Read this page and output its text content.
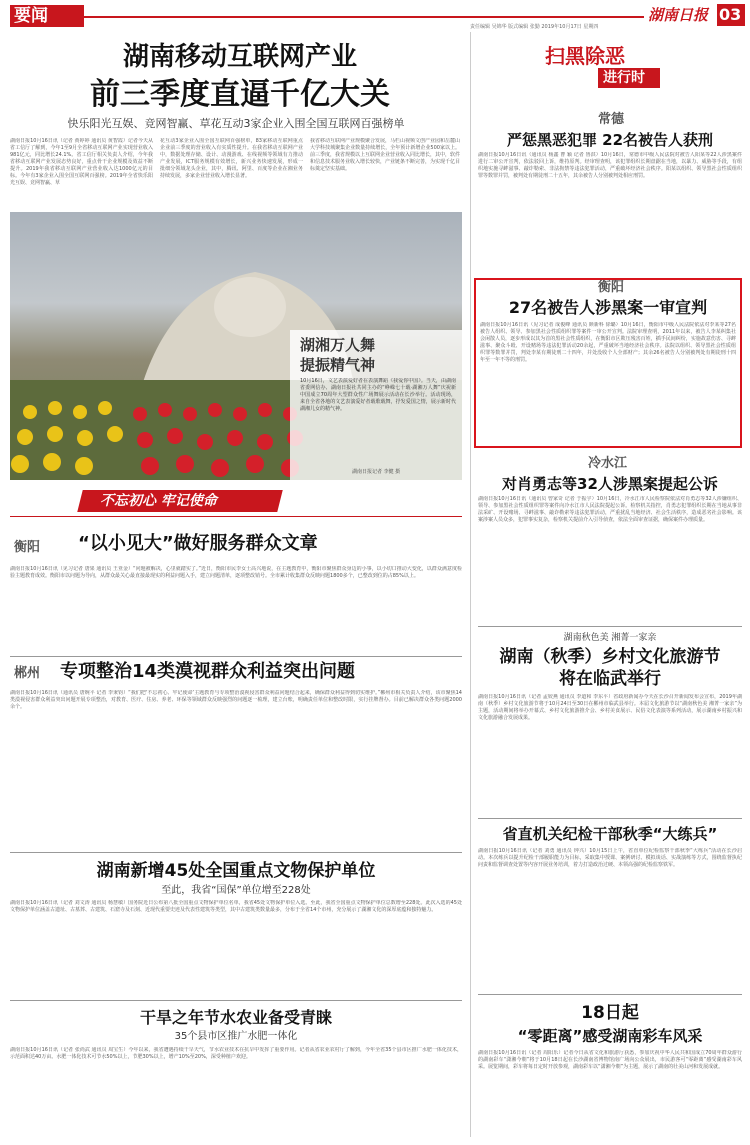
要闻	湖南日报 03
责任编辑 吴锦华 版式编辑 张勤 2019年10月17日 星期四
湖南移动互联网产业
前三季度直逼千亿大关
快乐阳光互娱、竞网智赢、草花互动3家企业入围全国互联网百强榜单
湖南日报10月16日讯（记者 黄婷婷 通讯员 黄智霞）记者今天从省工信厅了解到，今年1至9月全省移动互联网产业实现营业收入981亿元，同比增长24.1%。省工信厅相关负责人介绍，今年我省移动互联网产业发展态势良好，重点骨干企业规模及效益不断提升。2019年我省移动互联网产业营业收入达1000亿元的目标。今年有3家企业入围全国互联网百强榜。2019年全省快乐阳光互娱、竞网智赢、草
花互动3家企业入围全国互联网百强榜单，83家移动互联网重点企业前三季度的营业收入有实质性提升。在我省移动互联网产业中，数据处理存储、设计、动漫游戏、在线视频等领域有力推动产业发展，ICT服务规模有效增长，新兴业务快速发展，形成一批细分领域龙头企业，其中，腾讯、阿里、百度等企业在湘业务持续发展，多家企业营业收入增长显著。
我省移动互联网产业规模聚合发展，马栏山视频文创产业园和岳麓山大学科技城聚集企业数量持续增长，全年预计新增企业500家以上。前三季度，我省规模以上互联网企业营业收入同比增长，其中，软件和信息技术服务业收入增长较快，产业链条不断完善，为实现千亿目标奠定坚实基础。
湖湘万人舞
提振精气神
10月16日，文艺表演爱好者在表演舞蹈《我爱你中国》。当天，由湖南省委网信办、湖南日报社共同主办的“峥嵘七十载·湖湘万人舞”庆祝新中国成立70周年大型群众性广场舞展示活动在长沙举行。活动现场，来自全省各地的文艺表演爱好者载歌载舞，抒发爱国之情，展示新时代湖湘儿女的精气神。
湖南日报记者 李健 摄
不忘初心 牢记使命
衡阳 “以小见大”做好服务群众文章
湖南日报10月16日讯（见习记者 唐果 通讯员 王亚金）“问题被解决，心里就踏实了。”近日，衡阳市民李女士高兴地说，在主题教育中，衡阳市聚焦群众身边的小事，以小切口推动大变化，以群众满意度检验主题教育成效。衡阳市以问题为导向，从群众最关心最直接最现实的利益问题入手，建立问题清单，逐项整改销号。全市累计收集群众反映问题1800多个，已整改到位的占85%以上。
郴州 专项整治14类漠视群众利益突出问题
湖南日报10月16日讯（通讯员 唐婉平 记者 李秉钧）“我们把‘不忘初心、牢记使命’主题教育与专项整治漠视侵害群众利益问题结合起来，确保群众利益得到切实维护。”郴州市相关负责人介绍，该市聚焦14类漠视侵害群众利益突出问题开展专项整治，对教育、医疗、住房、养老、环保等领域群众反映强烈的问题逐一梳理，建立台账，明确责任单位和整改时限，实行挂牌督办。目前已解决群众各类问题2000余个。
湖南新增45处全国重点文物保护单位
至此，我省“国保”单位增至228处
湖南日报10月16日讯（记者 刘文涛 通讯员 杨慧敏）国务院近日公布第八批全国重点文物保护单位名单，我省45处文物保护单位入选。至此，我省全国重点文物保护单位总数增至228处。此次入选的45处文物保护单位涵盖古遗址、古墓葬、古建筑、石窟寺及石刻、近现代重要史迹及代表性建筑等类型，其中古建筑类数量最多，分布于全省14个市州，充分展示了湖湘文化的深厚底蕴和独特魅力。
干旱之年节水农业备受青睐
35个县市区推广水肥一体化
湖南日报10月16日讯（记者 张尚武 通讯员 周宝生）今年以来，我省遭遇持续干旱天气，节水农业技术在抗旱中发挥了重要作用。记者从省农业农村厅了解到，今年全省35个县市区推广水肥一体化技术，示范面积达40万亩。水肥一体化技术可节水50%以上，节肥30%以上，增产10%至20%，深受种植户欢迎。
扫黑除恶
进行时
常德
严惩黑恶犯罪 22名被告人获刑
湖南日报10月16日讯（通讯员 杨鑫 曹 颖 记者 鲁淇）10月16日，常德市中级人民法院对被告人阳某等22人涉黑案件进行二审公开宣判，依法驳回上诉，维持原判。经审理查明，该犯罪组织长期盘踞在当地，以暴力、威胁等手段，有组织地实施寻衅滋事、敲诈勒索、非法拘禁等违法犯罪活动，严重破坏经济社会秩序。阳某以组织、领导黑社会性质组织罪等数罪并罚，被判处有期徒刑二十五年，其余被告人分别被判处相应刑罚。
衡阳
27名被告人涉黑案一审宣判
湖南日报10月16日讯（见习记者 成俊峰 通讯员 颜新科 徐璐）10月16日，衡阳市中级人民法院依法对李某等27名被告人组织、领导、参加黑社会性质组织罪等案件一审公开宣判。法院审理查明，2011年以来，被告人李某纠集社会闲散人员，逐步形成以其为首的黑社会性质组织，在衡阳市区欺压残害百姓，插手民间纠纷，实施故意伤害、寻衅滋事、聚众斗殴、开设赌场等违法犯罪活动20余起，严重破坏当地经济社会秩序。法院以组织、领导黑社会性质组织罪等数罪并罚，判处李某有期徒刑二十四年，并处没收个人全部财产；其余26名被告人分别被判处有期徒刑十四年至一年不等的刑罚。
冷水江
对肖勇志等32人涉黑案提起公诉
湖南日报10月16日讯（通讯员 曾家奇 记者 于振宇）10月16日，冷水江市人民检察院依法对肖勇志等32人涉嫌组织、领导、参加黑社会性质组织罪等案件向冷水江市人民法院提起公诉。检察机关指控，肖勇志犯罪组织长期在当地从事非法采矿、开设赌场、寻衅滋事、敲诈勒索等违法犯罪活动，严重扰乱当地经济、社会生活秩序，造成恶劣社会影响。该案涉案人员众多，犯罪事实复杂，检察机关提前介入引导侦查，依法全面审查证据，确保案件办理质量。
湖南秋色美 湘菁一家亲
湖南（秋季）乡村文化旅游节
将在临武举行
湖南日报10月16日讯（记者 孟姣燕 通讯员 李道和 李东平）省政府新闻办今天在长沙召开新闻发布会宣布，2019年湖南（秋季）乡村文化旅游节将于10月24日至30日在郴州市临武县举行。本届文化旅游节以“湖南秋色美 湘菁一家亲”为主题，活动期间将举办开幕式、乡村文化旅游推介会、乡村美食展示、民俗文化表演等系列活动，展示湖南乡村振兴和文化旅游融合发展成果。
省直机关纪检干部秋季“大练兵”
湖南日报10月16日讯（记者 刘勇 通讯员 钟兴）10月15日上午，省直单位纪检监察干部秋季“大练兵”活动在长沙启动。本次练兵以提升纪检干部履职能力为目标，采取集中授课、案例研讨、模拟谈话、实战演练等方式，围绕监督执纪问责和监督调查处置等内容开展业务培训，着力打造政治过硬、本领高强的纪检监察铁军。
18日起
“零距离”感受湖南彩车风采
湖南日报10月16日讯（记者 周阳乐）记者今日从省文化和旅游厅获悉，参加庆祝中华人民共和国成立70周年群众游行的湖南彩车“潇湘今朝”将于10月18日起在长沙湖南省博物馆南广场向公众展出，市民游客可“零距离”感受湖南彩车风采。展览期间，彩车将每日定时开放参观，湖南彩车以“潇湘今朝”为主题，展示了湖南的壮美山河和发展成就。
